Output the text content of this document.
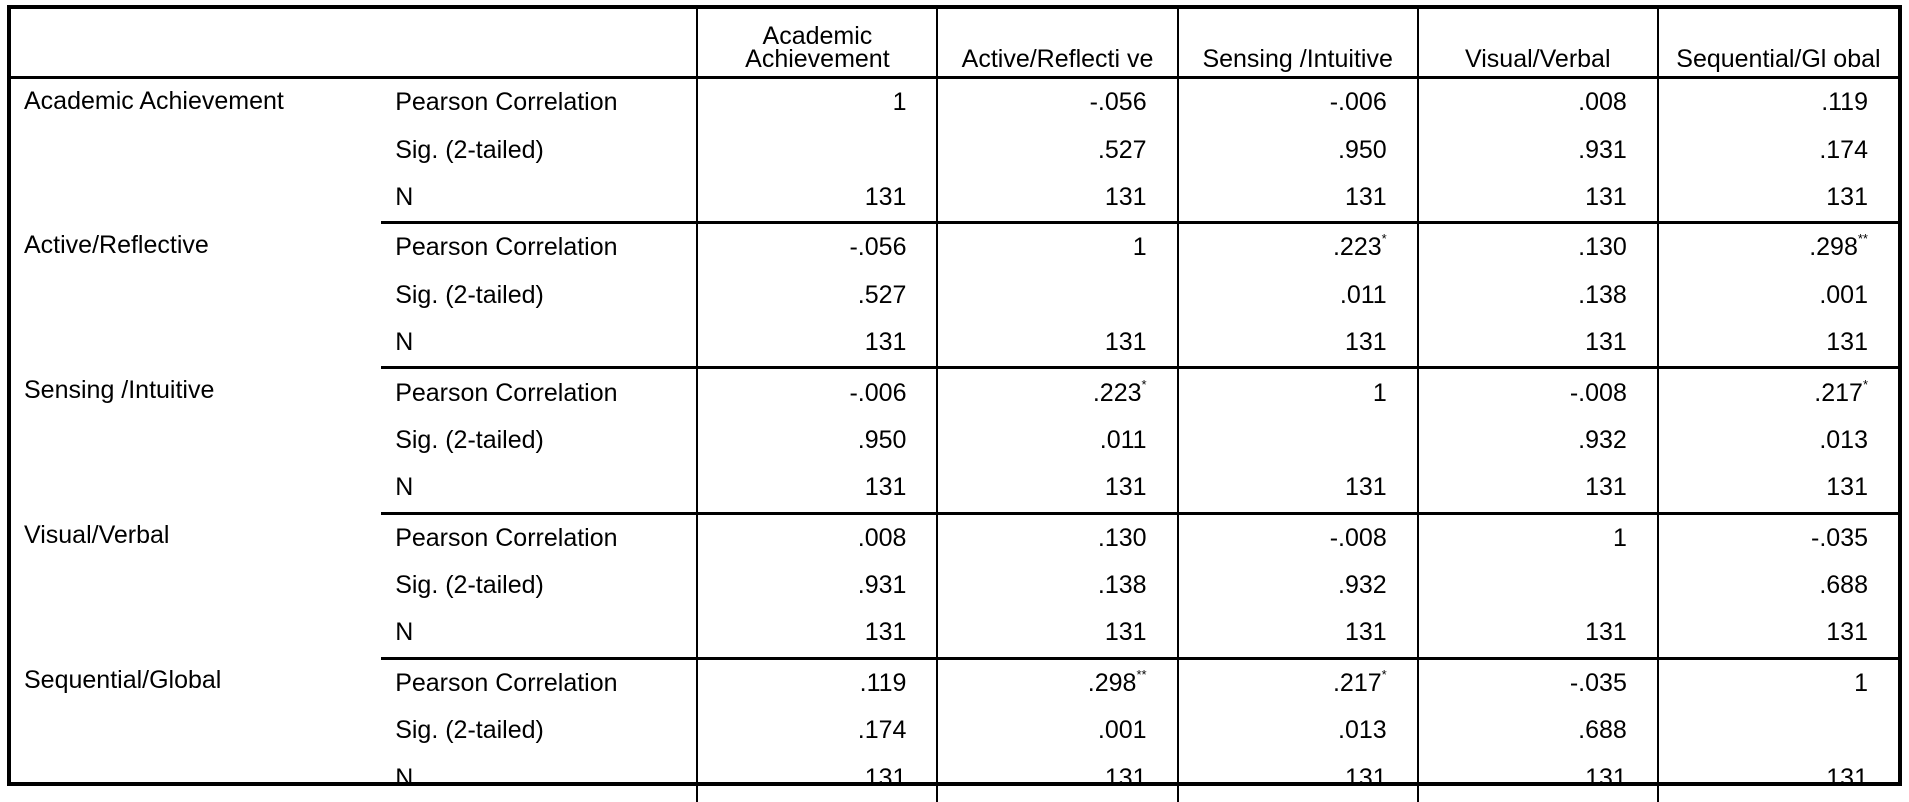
		Academic Achievement	Active/Reflecti ve	Sensing /Intuitive	Visual/Verbal	Sequential/Gl obal
Academic Achievement	Pearson Correlation	1	-.056	-.006	.008	.119
	Sig. (2-tailed)		.527	.950	.931	.174
	N	131	131	131	131	131
Active/Reflective	Pearson Correlation	-.056	1	.223*	.130	.298**
	Sig. (2-tailed)	.527		.011	.138	.001
	N	131	131	131	131	131
Sensing /Intuitive	Pearson Correlation	-.006	.223*	1	-.008	.217*
	Sig. (2-tailed)	.950	.011		.932	.013
	N	131	131	131	131	131
Visual/Verbal	Pearson Correlation	.008	.130	-.008	1	-.035
	Sig. (2-tailed)	.931	.138	.932		.688
	N	131	131	131	131	131
Sequential/Global	Pearson Correlation	.119	.298**	.217*	-.035	1
	Sig. (2-tailed)	.174	.001	.013	.688	
	N	131	131	131	131	131
